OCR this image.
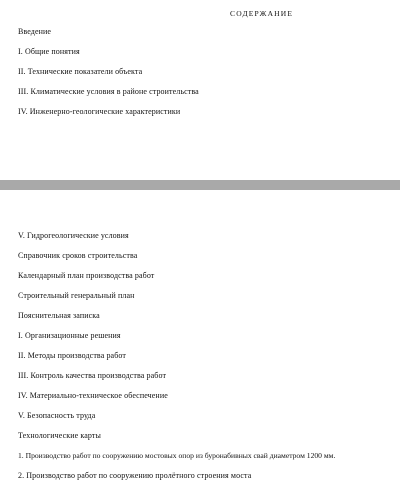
СОДЕРЖАНИЕ
Введение
I. Общие понятия
II. Технические показатели объекта
III. Климатические условия в районе строительства
IV. Инженерно-геологические характеристики
V. Гидрогеологические условия
Справочник сроков строительства
Календарный план производства работ
Строительный генеральный план
Пояснительная записка
I. Организационные решения
II. Методы производства работ
III. Контроль качества производства работ
IV. Материально-техническое обеспечение
V. Безопасность труда
Технологические карты
1. Производство работ по сооружению мостовых опор из буронабивных свай диаметром 1200 мм.
2. Производство работ по сооружению пролётного строения моста
